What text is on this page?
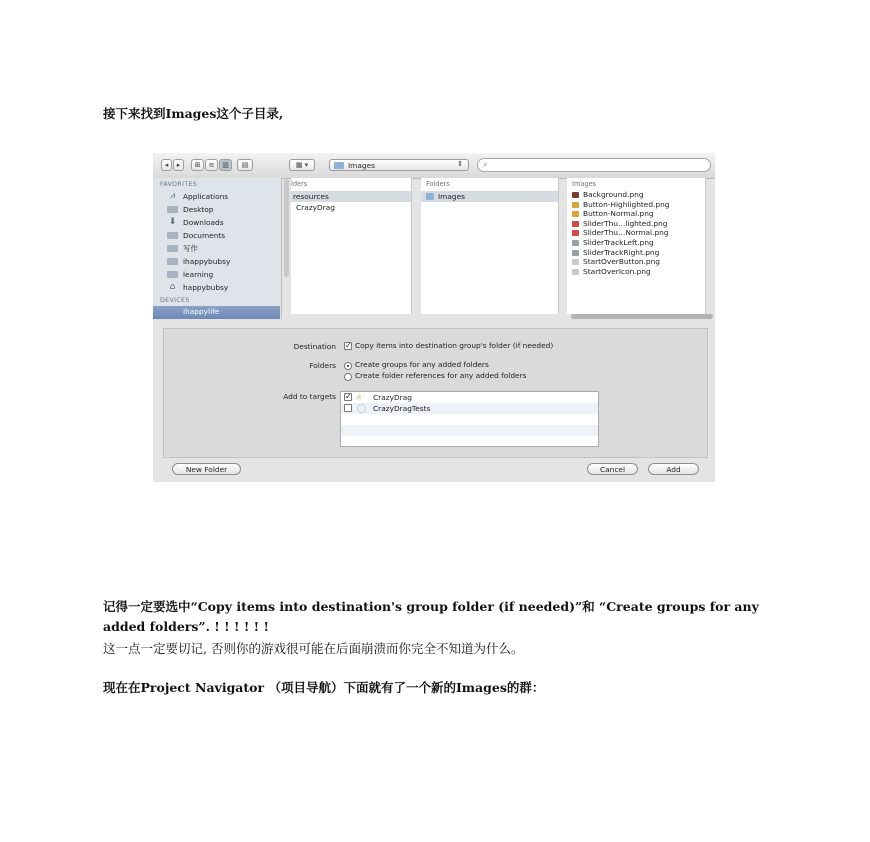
接下来找到Images这个子目录,

◂	▸	⊞	≡	▥	▤	▦ ▾	Images	⇕	⌕
FAVORITES
⩘	Applications
Desktop
⬇ Downloads
Documents
写作
ihappybubsy
learning
⌂	happybubsy
DEVICES
ihappylife
lders
resources
CrazyDrag
Folders
Images
Images
Background.png
Button-Highlighted.png
Button-Normal.png
SliderThu…lighted.png
SliderThu…Normal.png
SliderTrackLeft.png
SliderTrackRight.png
StartOverButton.png
StartOverIcon.png
Destination ✓ Copy items into destination group's folder (if needed)
Folders	Create groups for any added folders
Create folder references for any added folders
Add to targets ✓ ⩘ CrazyDrag
CrazyDragTests
New Folder	Cancel	Add

记得一定要选中“Copy items into destination's group folder (if needed)”和 “Create groups for any added folders”. ! ! ! ! ! !

这一点一定要切记, 否则你的游戏很可能在后面崩溃而你完全不知道为什么。

现在在Project Navigator （项目导航）下面就有了一个新的Images的群：
